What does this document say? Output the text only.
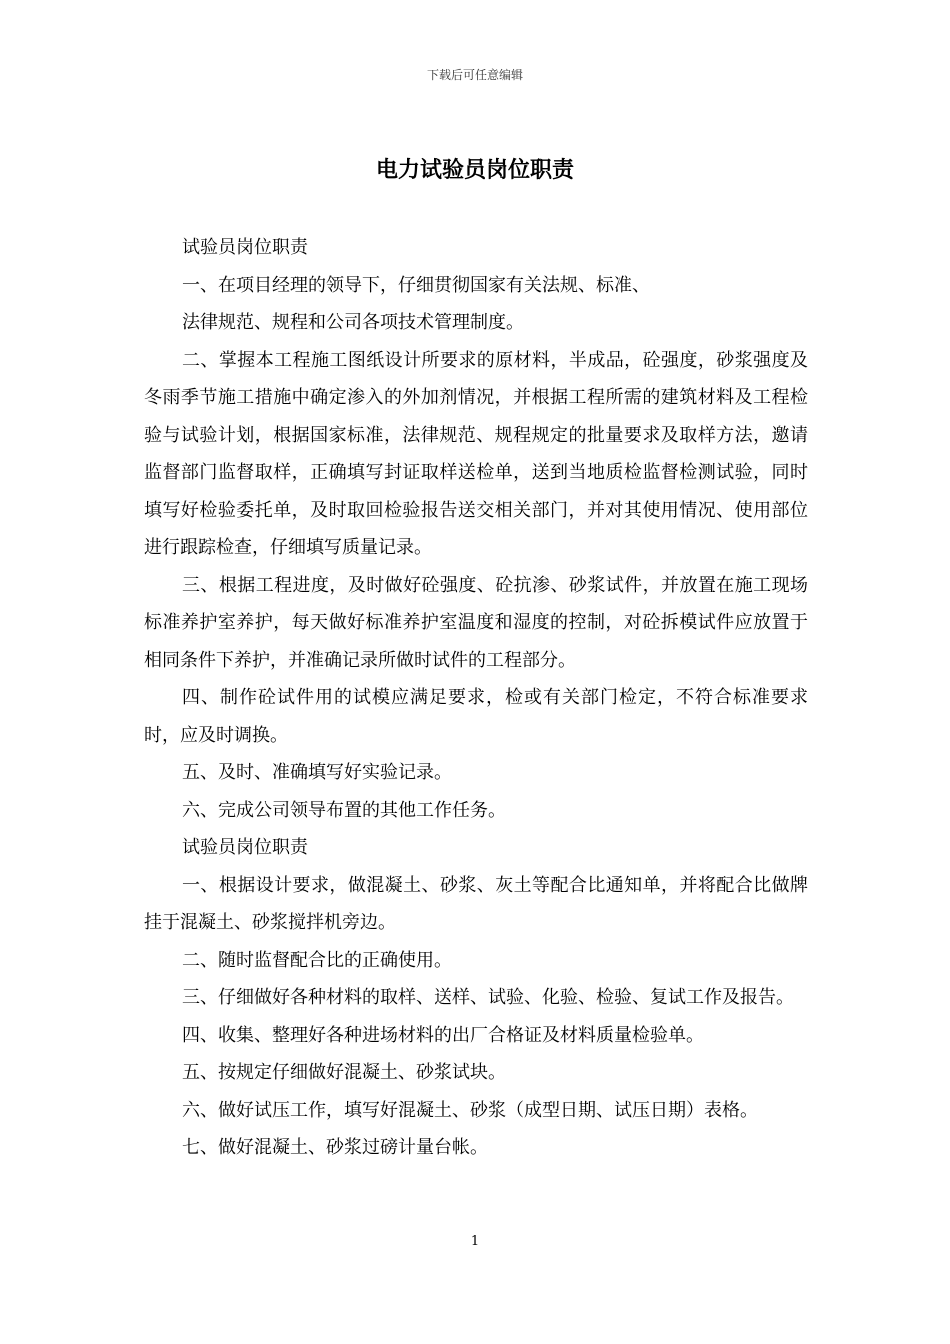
下载后可任意编辑
电力试验员岗位职责

试验员岗位职责

一、在项目经理的领导下，仔细贯彻国家有关法规、标准、

法律规范、规程和公司各项技术管理制度。

二、掌握本工程施工图纸设计所要求的原材料，半成品，砼强度，砂浆强度及冬雨季节施工措施中确定渗入的外加剂情况，并根据工程所需的建筑材料及工程检验与试验计划，根据国家标准，法律规范、规程规定的批量要求及取样方法，邀请监督部门监督取样，正确填写封证取样送检单，送到当地质检监督检测试验，同时填写好检验委托单，及时取回检验报告送交相关部门，并对其使用情况、使用部位进行跟踪检查，仔细填写质量记录。

三、根据工程进度，及时做好砼强度、砼抗渗、砂浆试件，并放置在施工现场标准养护室养护，每天做好标准养护室温度和湿度的控制，对砼拆模试件应放置于相同条件下养护，并准确记录所做时试件的工程部分。

四、制作砼试件用的试模应满足要求，检或有关部门检定，不符合标准要求时，应及时调换。

五、及时、准确填写好实验记录。

六、完成公司领导布置的其他工作任务。

试验员岗位职责

一、根据设计要求，做混凝土、砂浆、灰土等配合比通知单，并将配合比做牌挂于混凝土、砂浆搅拌机旁边。

二、随时监督配合比的正确使用。

三、仔细做好各种材料的取样、送样、试验、化验、检验、复试工作及报告。

四、收集、整理好各种进场材料的出厂合格证及材料质量检验单。

五、按规定仔细做好混凝土、砂浆试块。

六、做好试压工作，填写好混凝土、砂浆（成型日期、试压日期）表格。

七、做好混凝土、砂浆过磅计量台帐。

1
